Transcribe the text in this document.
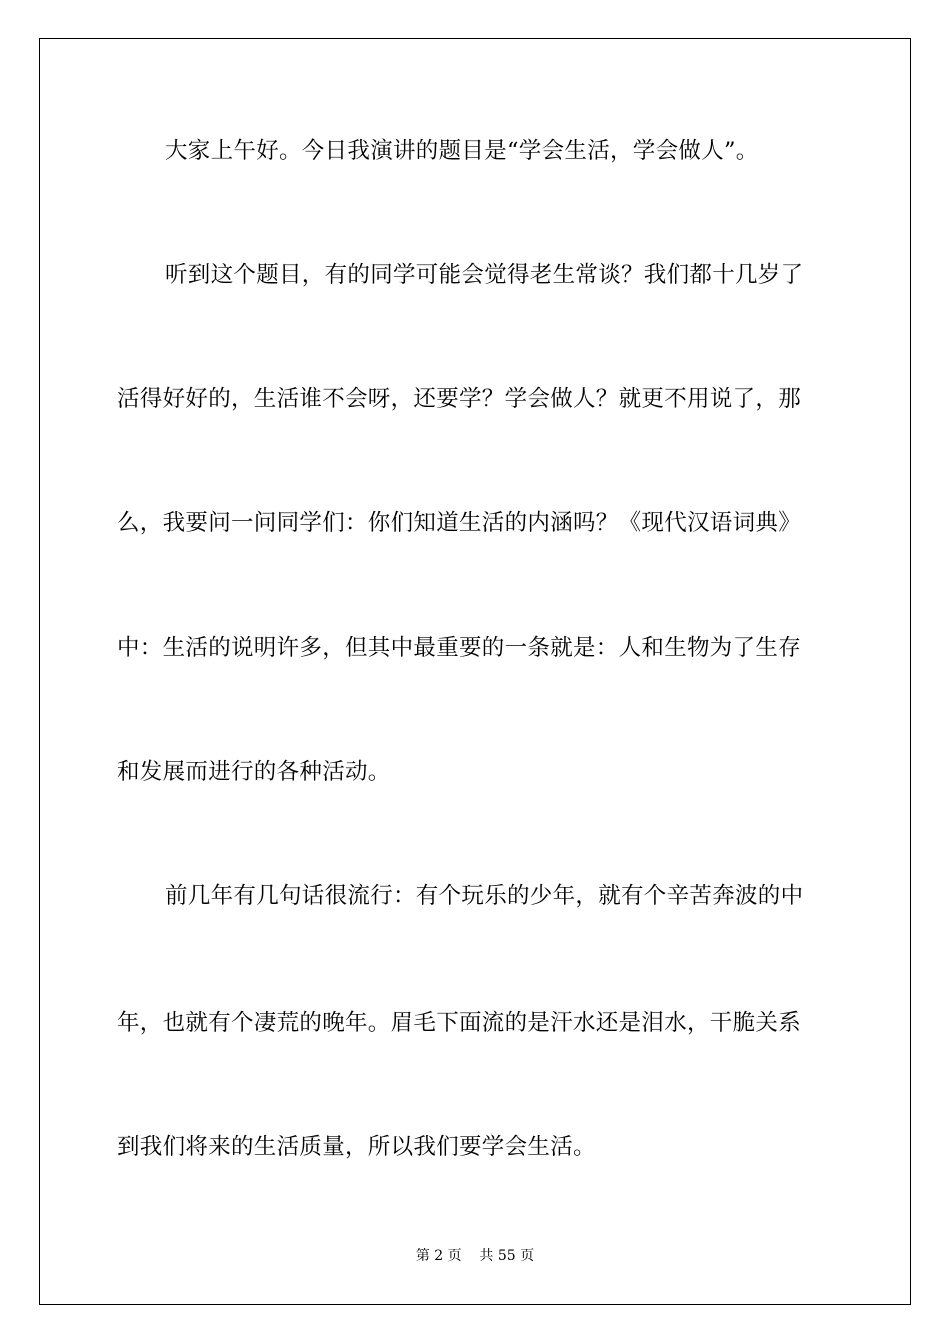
大家上午好。今日我演讲的题目是“学会生活，学会做人”。
听到这个题目，有的同学可能会觉得老生常谈？我们都十几岁了
活得好好的，生活谁不会呀，还要学？学会做人？就更不用说了，那
么，我要问一问同学们：你们知道生活的内涵吗？《现代汉语词典》
中：生活的说明许多，但其中最重要的一条就是：人和生物为了生存
和发展而进行的各种活动。
前几年有几句话很流行：有个玩乐的少年，就有个辛苦奔波的中
年，也就有个凄荒的晚年。眉毛下面流的是汗水还是泪水，干脆关系
到我们将来的生活质量，所以我们要学会生活。
第 2 页    共 55 页
